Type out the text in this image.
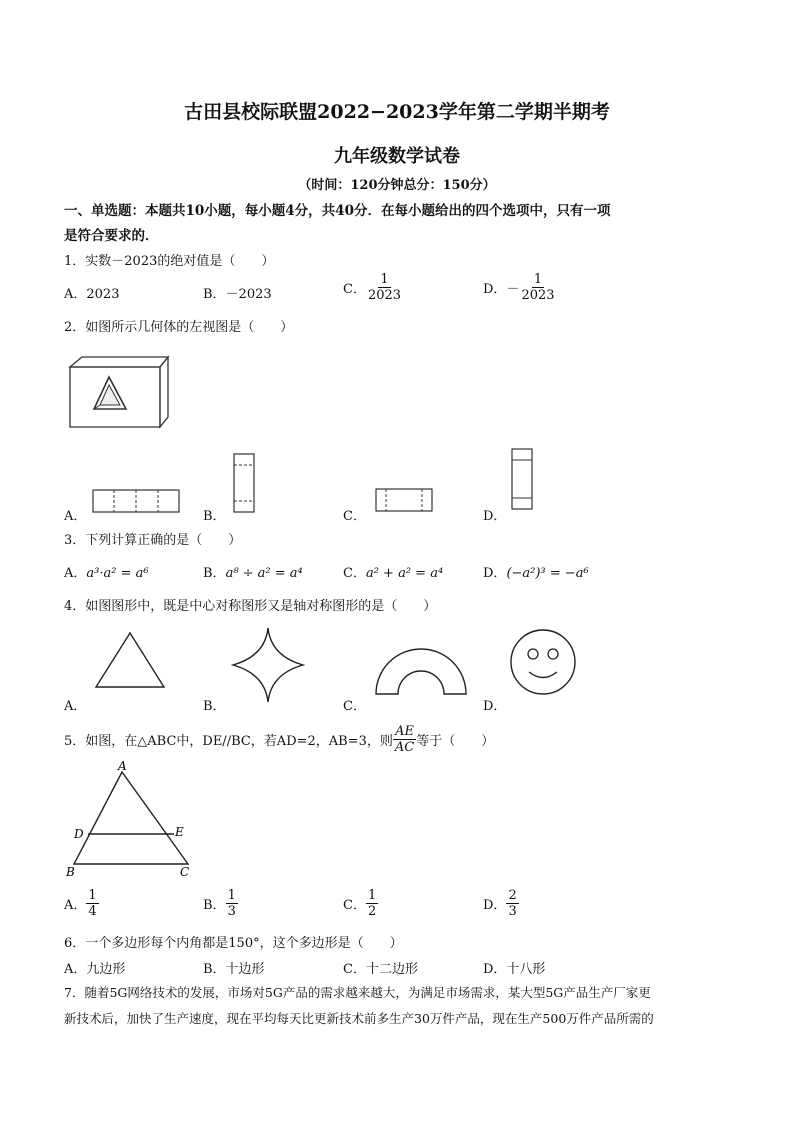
古田县校际联盟2022−2023学年第二学期半期考
九年级数学试卷
（时间：120分钟总分：150分）
一、单选题：本题共10小题，每小题4分，共40分．在每小题给出的四个选项中，只有一项
是符合要求的．
1．实数－2023的绝对值是（　　）
A．2023	B．－2023	C． $\frac{1}{2023}$	D．－ $\frac{1}{2023}$
2．如图所示几何体的左视图是（　　）
A．	B．	C．	D．
3．下列计算正确的是（　　）
A．a³·a² = a⁶	B．a⁸ ÷ a² = a⁴	C．a² + a² = a⁴	D．(−a²)³ = −a⁶
4．如图图形中，既是中心对称图形又是轴对称图形的是（　　）
A．	B．	C．	D．
5．如图，在△ABC中，DE//BC，若AD=2，AB=3，则 $\frac{AE}{AC}$ 等于（　　）
A
D	E
B	C
A． $\frac{1}{4}$	B． $\frac{1}{3}$	C． $\frac{1}{2}$	D． $\frac{2}{3}$
6．一个多边形每个内角都是150°，这个多边形是（　　）
A．九边形	B．十边形	C．十二边形	D．十八形
7．随着5G网络技术的发展，市场对5G产品的需求越来越大，为满足市场需求，某大型5G产品生产厂家更
新技术后，加快了生产速度，现在平均每天比更新技术前多生产30万件产品，现在生产500万件产品所需的
